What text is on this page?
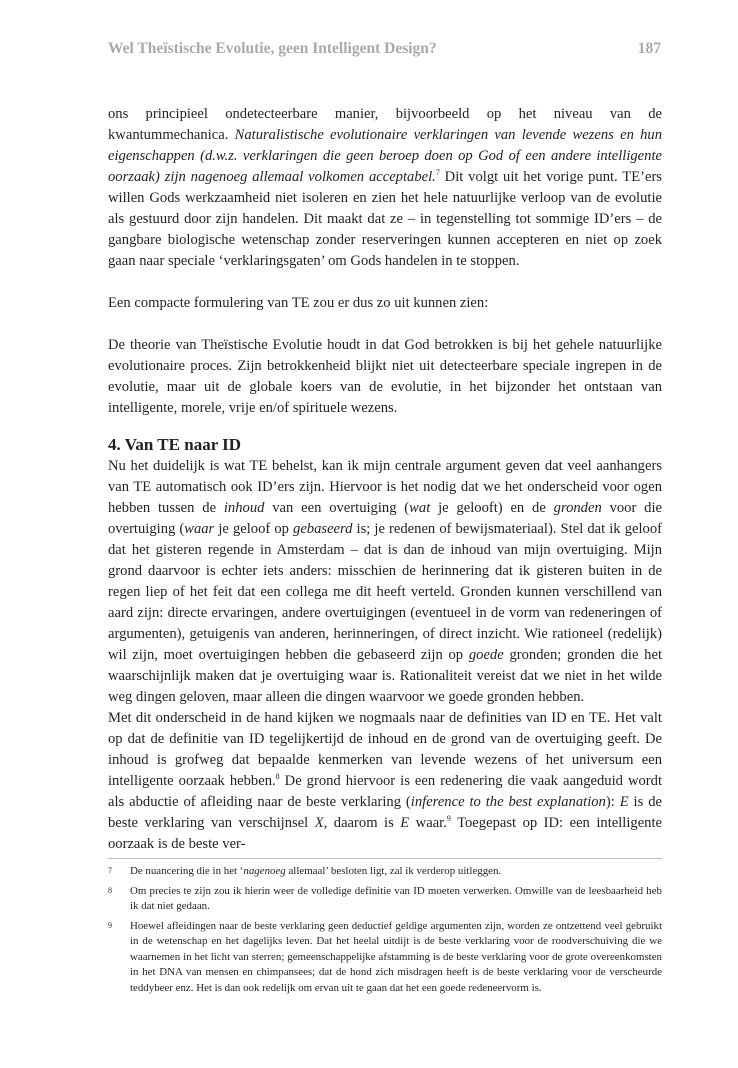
Wel Theïstische Evolutie, geen Intelligent Design?	187

ons principieel ondetecteerbare manier, bijvoorbeeld op het niveau van de kwantummechanica. Naturalistische evolutionaire verklaringen van levende wezens en hun eigenschappen (d.w.z. verklaringen die geen beroep doen op God of een andere intelligente oorzaak) zijn nagenoeg allemaal volkomen acceptabel.$^7$ Dit volgt uit het vorige punt. TE’ers willen Gods werkzaamheid niet isoleren en zien het hele natuurlijke verloop van de evolutie als gestuurd door zijn handelen. Dit maakt dat ze – in tegenstelling tot sommige ID’ers – de gangbare biologische wetenschap zonder reserveringen kunnen accepteren en niet op zoek gaan naar speciale ‘verklaringsgaten’ om Gods handelen in te stoppen.

Een compacte formulering van TE zou er dus zo uit kunnen zien:

De theorie van Theïstische Evolutie houdt in dat God betrokken is bij het gehele natuurlijke evolutionaire proces. Zijn betrokkenheid blijkt niet uit detecteerbare speciale ingrepen in de evolutie, maar uit de globale koers van de evolutie, in het bijzonder het ontstaan van intelligente, morele, vrije en/of spirituele wezens.

4. Van TE naar ID

Nu het duidelijk is wat TE behelst, kan ik mijn centrale argument geven dat veel aanhangers van TE automatisch ook ID’ers zijn. Hiervoor is het nodig dat we het onderscheid voor ogen hebben tussen de inhoud van een overtuiging (wat je gelooft) en de gronden voor die overtuiging (waar je geloof op gebaseerd is; je redenen of bewijsmateriaal). Stel dat ik geloof dat het gisteren regende in Amsterdam – dat is dan de inhoud van mijn overtuiging. Mijn grond daarvoor is echter iets anders: misschien de herinnering dat ik gisteren buiten in de regen liep of het feit dat een collega me dit heeft verteld. Gronden kunnen verschillend van aard zijn: directe ervaringen, andere overtuigingen (eventueel in de vorm van redeneringen of argumenten), getuigenis van anderen, herinneringen, of direct inzicht. Wie rationeel (redelijk) wil zijn, moet overtuigingen hebben die gebaseerd zijn op goede gronden; gronden die het waarschijnlijk maken dat je overtuiging waar is. Rationaliteit vereist dat we niet in het wilde weg dingen geloven, maar alleen die dingen waarvoor we goede gronden hebben.

Met dit onderscheid in de hand kijken we nogmaals naar de definities van ID en TE. Het valt op dat de definitie van ID tegelijkertijd de inhoud en de grond van de overtuiging geeft. De inhoud is grofweg dat bepaalde kenmerken van levende wezens of het universum een intelligente oorzaak hebben.$^8$ De grond hiervoor is een redenering die vaak aangeduid wordt als abductie of afleiding naar de beste verklaring (inference to the best explanation): E is de beste verklaring van verschijnsel X, daarom is E waar.$^9$ Toegepast op ID: een intelligente oorzaak is de beste ver-

7	De nuancering die in het ‘nagenoeg allemaal’ besloten ligt, zal ik verderop uitleggen.
8	Om precies te zijn zou ik hierin weer de volledige definitie van ID moeten verwerken. Omwille van de leesbaarheid heb ik dat niet gedaan.
9	Hoewel afleidingen naar de beste verklaring geen deductief geldige argumenten zijn, worden ze ontzettend veel gebruikt in de wetenschap en het dagelijks leven. Dat het heelal uitdijt is de beste verklaring voor de roodverschuiving die we waarnemen in het licht van sterren; gemeenschappelijke afstamming is de beste verklaring voor de grote overeenkomsten in het DNA van mensen en chimpansees; dat de hond zich misdragen heeft is de beste verklaring voor de verscheurde teddybeer enz. Het is dan ook redelijk om ervan uit te gaan dat het een goede redeneervorm is.
